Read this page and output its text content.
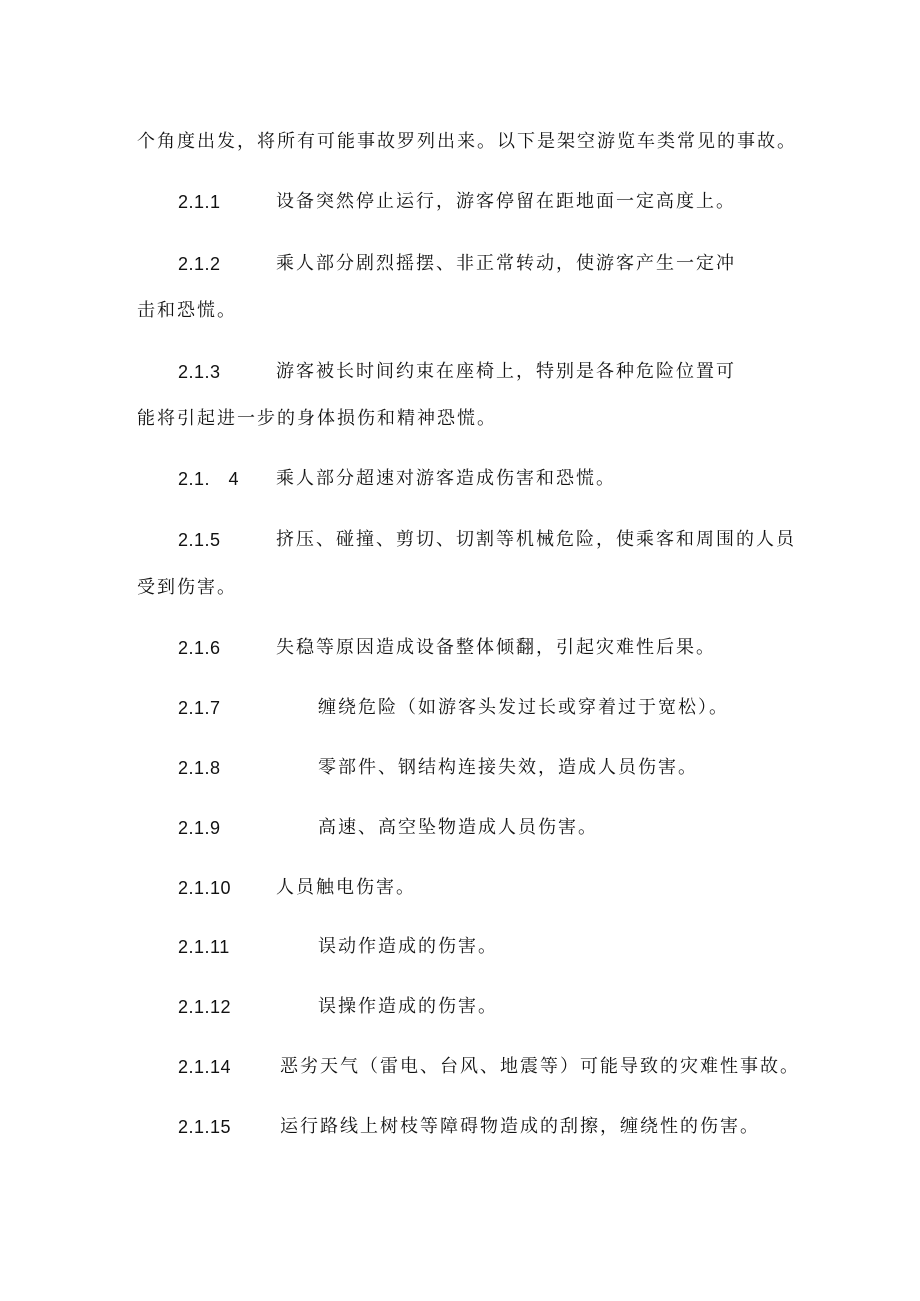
个角度出发，将所有可能事故罗列出来。以下是架空游览车类常见的事故。
2.1.1	设备突然停止运行，游客停留在距地面一定高度上。
2.1.2	乘人部分剧烈摇摆、非正常转动，使游客产生一定冲
击和恐慌。
2.1.3	游客被长时间约束在座椅上，特别是各种危险位置可
能将引起进一步的身体损伤和精神恐慌。
2.1.　4 乘人部分超速对游客造成伤害和恐慌。
2.1.5	挤压、碰撞、剪切、切割等机械危险，使乘客和周围的人员
受到伤害。
2.1.6	失稳等原因造成设备整体倾翻，引起灾难性后果。
2.1.7	缠绕危险（如游客头发过长或穿着过于宽松）。
2.1.8	零部件、钢结构连接失效，造成人员伤害。
2.1.9	高速、高空坠物造成人员伤害。
2.1.10 人员触电伤害。
2.1.11	误动作造成的伤害。
2.1.12	误操作造成的伤害。
2.1.14	恶劣天气（雷电、台风、地震等）可能导致的灾难性事故。
2.1.15	运行路线上树枝等障碍物造成的刮擦，缠绕性的伤害。
